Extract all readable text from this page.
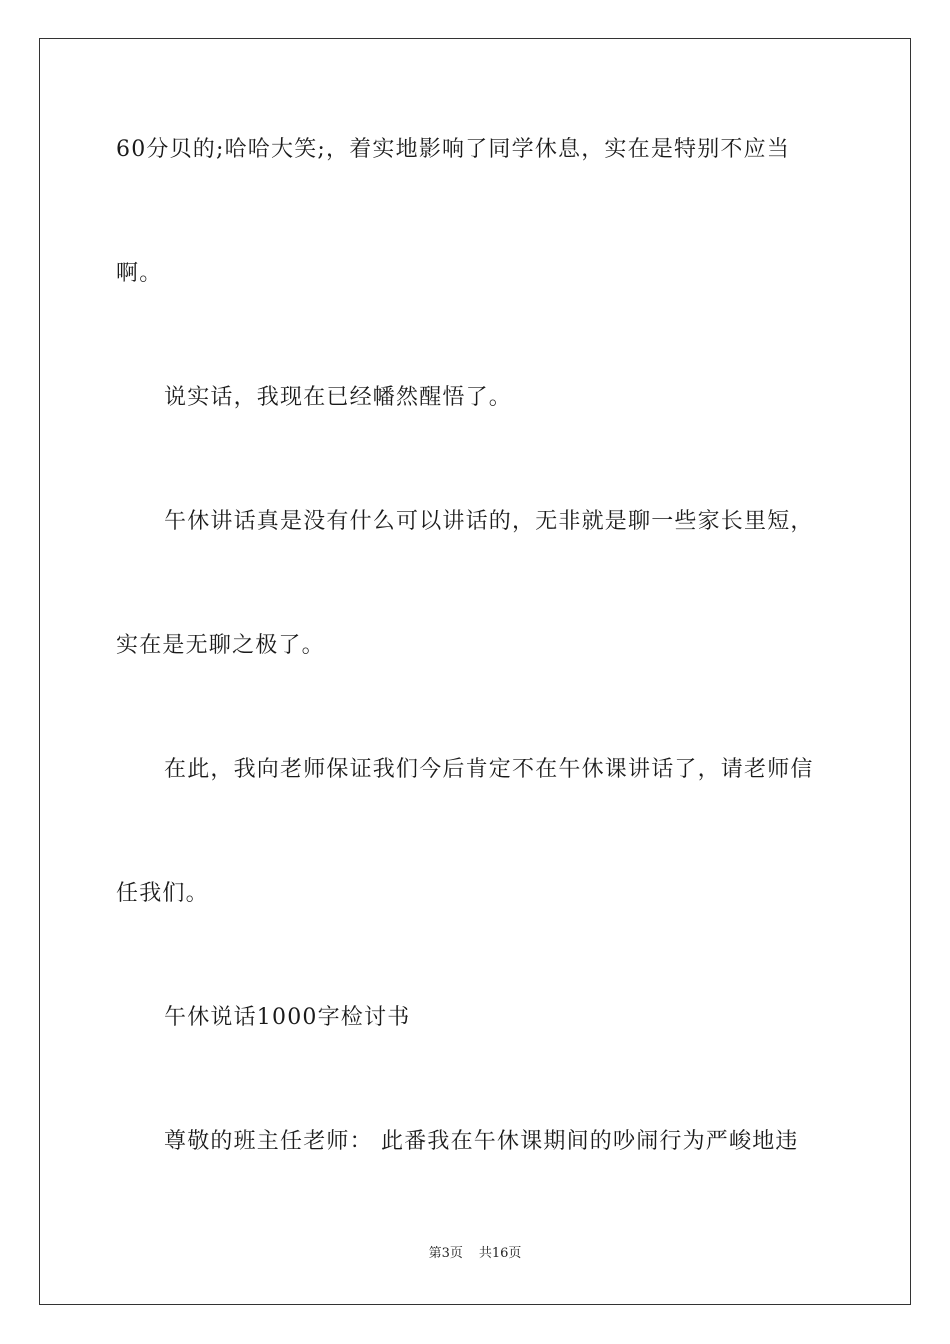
60分贝的;哈哈大笑;，着实地影响了同学休息，实在是特别不应当
啊。
说实话，我现在已经幡然醒悟了。
午休讲话真是没有什么可以讲话的，无非就是聊一些家长里短，
实在是无聊之极了。
在此，我向老师保证我们今后肯定不在午休课讲话了，请老师信
任我们。
午休说话1000字检讨书
尊敬的班主任老师： 此番我在午休课期间的吵闹行为严峻地违
第3页 共16页
